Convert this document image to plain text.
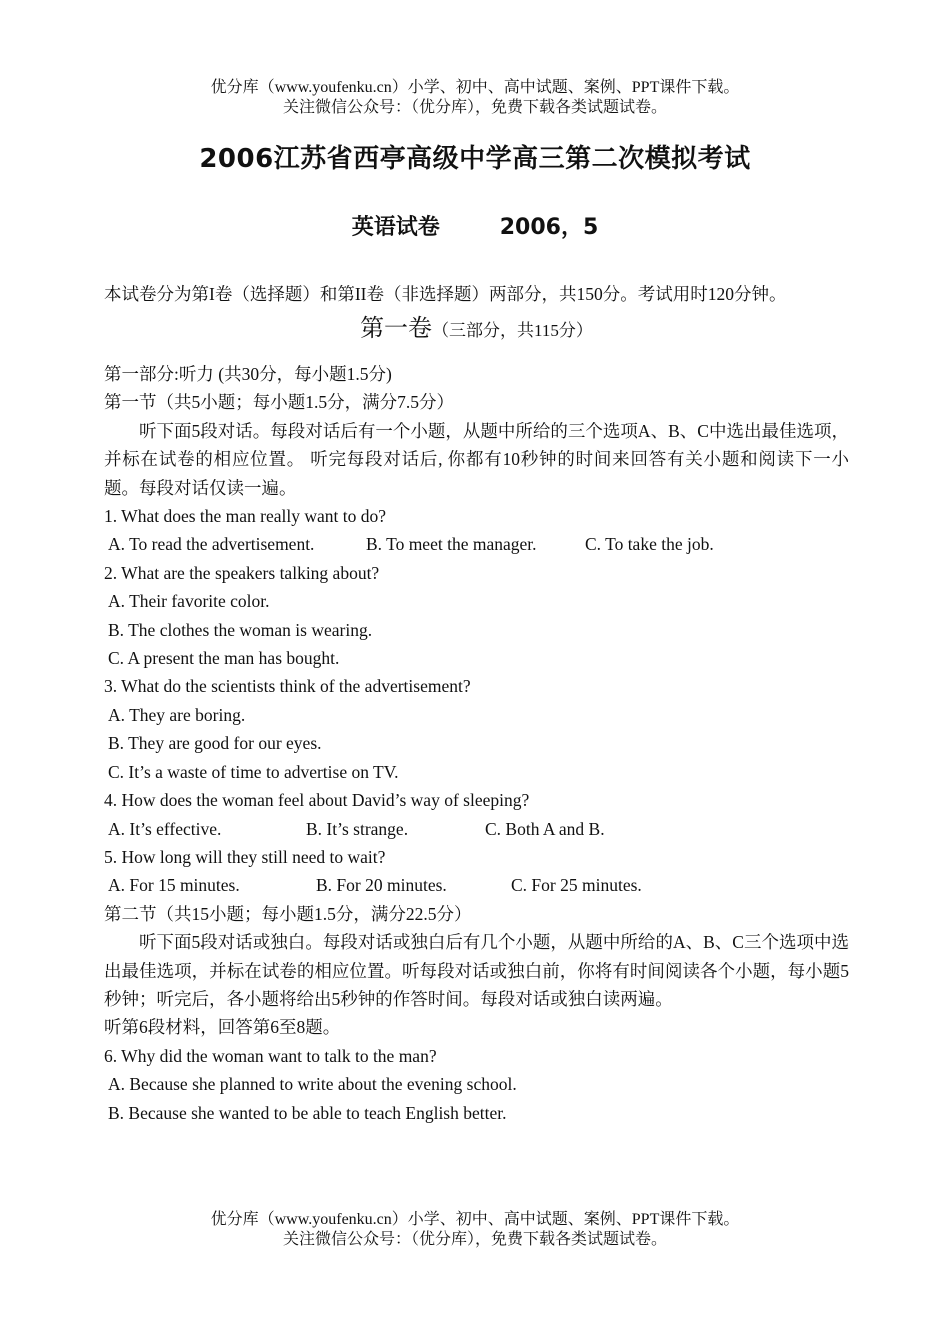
优分库（www.youfenku.cn）小学、初中、高中试题、案例、PPT课件下载。
关注微信公众号：（优分库），免费下载各类试题试卷。
2006江苏省西亭高级中学高三第二次模拟考试
英语试卷	2006，5
本试卷分为第I卷（选择题）和第II卷（非选择题）两部分，共150分。考试用时120分钟。
第一卷（三部分，共115分）
第一部分:听力 (共30分，每小题1.5分)
第一节（共5小题；每小题1.5分，满分7.5分）
听下面5段对话。每段对话后有一个小题，从题中所给的三个选项A、B、C中选出最佳选项，并标在试卷的相应位置。 听完每段对话后, 你都有10秒钟的时间来回答有关小题和阅读下一小题。每段对话仅读一遍。
1. What does the man really want to do?
A. To read the advertisement.	B. To meet the manager.	C. To take the job.
2. What are the speakers talking about?
A. Their favorite color.
B. The clothes the woman is wearing.
C. A present the man has bought.
3. What do the scientists think of the advertisement?
A. They are boring.
B. They are good for our eyes.
C. It’s a waste of time to advertise on TV.
4. How does the woman feel about David’s way of sleeping?
A. It’s effective.	B. It’s strange.	C. Both A and B.
5. How long will they still need to wait?
A. For 15 minutes.	B. For 20 minutes.	C. For 25 minutes.
第二节（共15小题；每小题1.5分，满分22.5分）
听下面5段对话或独白。每段对话或独白后有几个小题，从题中所给的A、B、C三个选项中选出最佳选项，并标在试卷的相应位置。听每段对话或独白前，你将有时间阅读各个小题，每小题5秒钟；听完后，各小题将给出5秒钟的作答时间。每段对话或独白读两遍。
听第6段材料，回答第6至8题。
6. Why did the woman want to talk to the man?
A. Because she planned to write about the evening school.
B. Because she wanted to be able to teach English better.
优分库（www.youfenku.cn）小学、初中、高中试题、案例、PPT课件下载。
关注微信公众号：（优分库），免费下载各类试题试卷。
